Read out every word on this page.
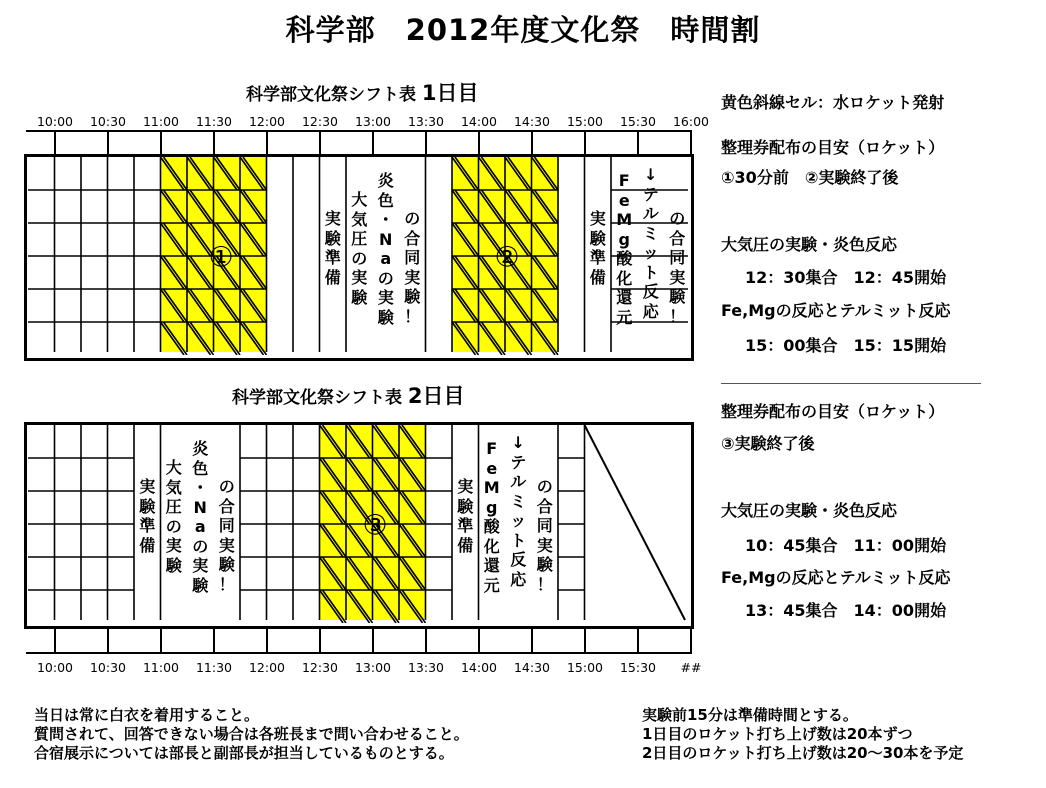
科学部　2012年度文化祭　時間割
科学部文化祭シフト表 1日目
10:00 10:30 11:00 11:30 12:00 12:30 13:00 13:30 14:00 14:30 15:00 15:30 16:00
実
験
準
備
大
気
圧
の
実
験
炎
色
・
N
a
の
実
験
の
合
同
実
験
！
実
験
準
備
F
e
M
g
酸
化
還
元
↓
テ
ル
ミ
ッ
ト
反
応
の
合
同
実
験
！
①	②
科学部文化祭シフト表 2日目
実
験
準
備
大
気
圧
の
実
験
炎
色
・
N
a
の
実
験
の
合
同
実
験
！
実
験
準
備
F
e
M
g
酸
化
還
元
↓
テ
ル
ミ
ッ
ト
反
応
の
合
同
実
験
！
③
10:00 10:30 11:00 11:30 12:00 12:30 13:00 13:30 14:00 14:30 15:00 15:30 ##
黄色斜線セル：水ロケット発射
整理券配布の目安（ロケット）
①30分前　②実験終了後
大気圧の実験・炎色反応
12：30集合　12：45開始
Fe,Mgの反応とテルミット反応
15：00集合　15：15開始
整理券配布の目安（ロケット）
③実験終了後
大気圧の実験・炎色反応
10：45集合　11：00開始
Fe,Mgの反応とテルミット反応
13：45集合　14：00開始
当日は常に白衣を着用すること。
質問されて、回答できない場合は各班長まで問い合わせること。
合宿展示については部長と副部長が担当しているものとする。
実験前15分は準備時間とする。
1日目のロケット打ち上げ数は20本ずつ
2日目のロケット打ち上げ数は20～30本を予定
